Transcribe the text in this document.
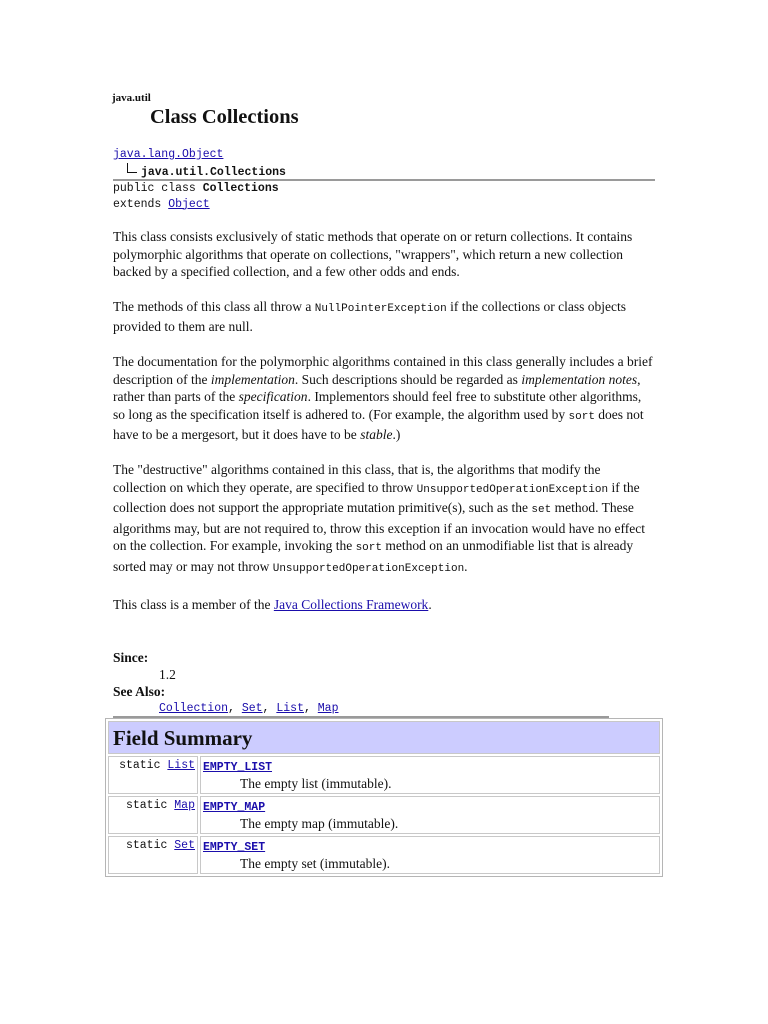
java.util
Class Collections
java.lang.Object
java.util.Collections
public class Collections
extends Object

This class consists exclusively of static methods that operate on or return collections. It contains polymorphic algorithms that operate on collections, "wrappers", which return a new collection backed by a specified collection, and a few other odds and ends.

The methods of this class all throw a NullPointerException if the collections or class objects provided to them are null.

The documentation for the polymorphic algorithms contained in this class generally includes a brief description of the implementation. Such descriptions should be regarded as implementation notes, rather than parts of the specification. Implementors should feel free to substitute other algorithms, so long as the specification itself is adhered to. (For example, the algorithm used by sort does not have to be a mergesort, but it does have to be stable.)

The "destructive" algorithms contained in this class, that is, the algorithms that modify the collection on which they operate, are specified to throw UnsupportedOperationException if the collection does not support the appropriate mutation primitive(s), such as the set method. These algorithms may, but are not required to, throw this exception if an invocation would have no effect on the collection. For example, invoking the sort method on an unmodifiable list that is already sorted may or may not throw UnsupportedOperationException.

This class is a member of the Java Collections Framework.

Since:
1.2
See Also:
Collection, Set, List, Map
Field Summary	
static List	EMPTY_LIST
The empty list (immutable).

static Map	EMPTY_MAP
The empty map (immutable).

static Set	EMPTY_SET
The empty set (immutable).
